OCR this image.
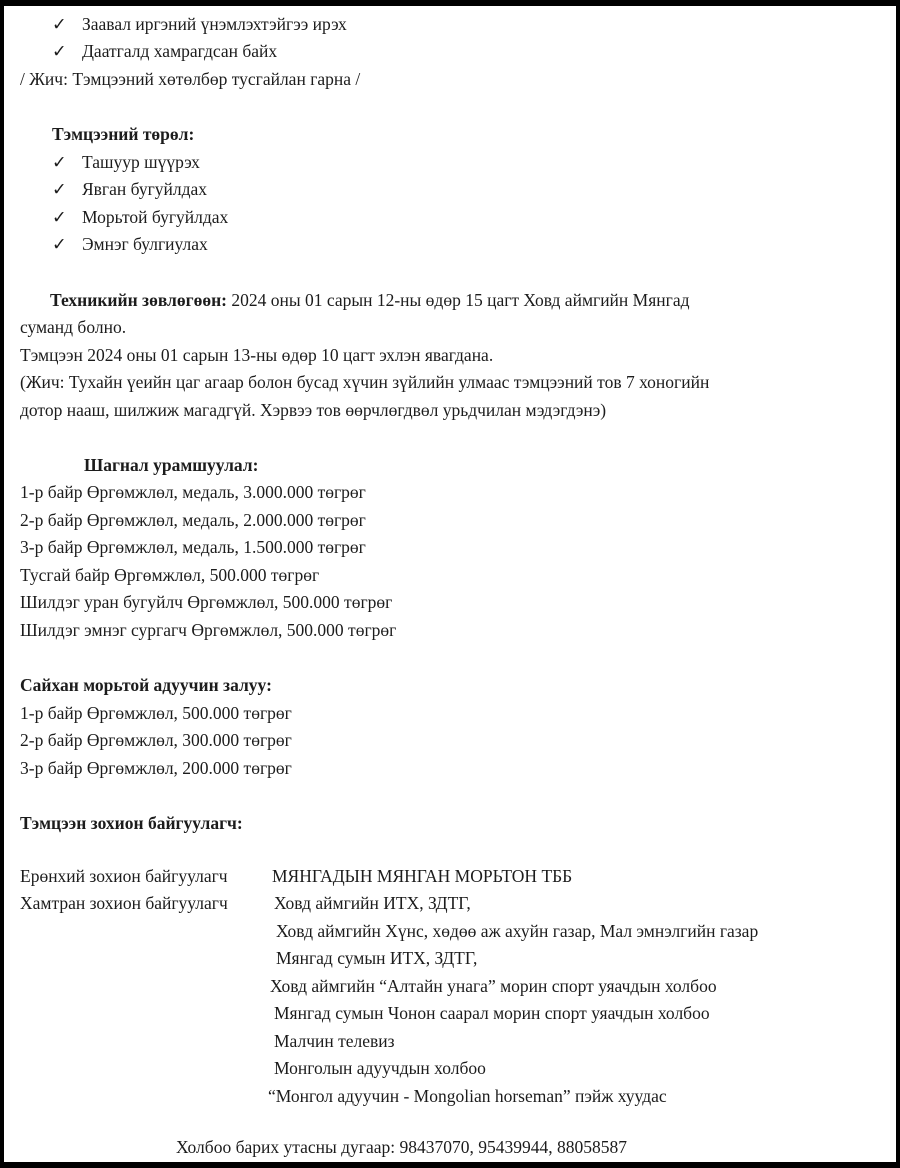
✓ Заавал иргэний үнэмлэхтэйгээ ирэх
✓ Даатгалд хамрагдсан байх
/ Жич: Тэмцээний хөтөлбөр тусгайлан гарна /
Тэмцээний төрөл:
✓ Ташуур шүүрэх
✓ Явган бугуйлдах
✓ Морьтой бугуйлдах
✓ Эмнэг булгиулах
Техникийн зөвлөгөөн: 2024 оны 01 сарын 12-ны өдөр 15 цагт Ховд аймгийн Мянгад
суманд болно.
Тэмцээн 2024 оны 01 сарын 13-ны өдөр 10 цагт эхлэн явагдана.
(Жич: Тухайн үеийн цаг агаар болон бусад хүчин зүйлийн улмаас тэмцээний тов 7 хоногийн
дотор нааш, шилжиж магадгүй. Хэрвээ тов өөрчлөгдвөл урьдчилан мэдэгдэнэ)
Шагнал урамшуулал:
1-р байр Өргөмжлөл, медаль, 3.000.000 төгрөг
2-р байр Өргөмжлөл, медаль, 2.000.000 төгрөг
3-р байр Өргөмжлөл, медаль, 1.500.000 төгрөг
Тусгай байр Өргөмжлөл, 500.000 төгрөг
Шилдэг уран бугуйлч Өргөмжлөл, 500.000 төгрөг
Шилдэг эмнэг сургагч Өргөмжлөл, 500.000 төгрөг
Сайхан морьтой адуучин залуу:
1-р байр Өргөмжлөл, 500.000 төгрөг
2-р байр Өргөмжлөл, 300.000 төгрөг
3-р байр Өргөмжлөл, 200.000 төгрөг
Тэмцээн зохион байгуулагч:
Ерөнхий зохион байгуулагч	МЯНГАДЫН МЯНГАН МОРЬТОН ТББ
Хамтран зохион байгуулагч	Ховд аймгийн ИТХ, ЗДТГ,
Ховд аймгийн Хүнс, хөдөө аж ахуйн газар, Мал эмнэлгийн газар
Мянгад сумын ИТХ, ЗДТГ,
Ховд аймгийн “Алтайн унага” морин спорт уяачдын холбоо
Мянгад сумын Чонон саарал морин спорт уяачдын холбоо
Малчин телевиз
Монголын адуучдын холбоо
“Монгол адуучин - Mongolian horseman” пэйж хуудас
Холбоо барих утасны дугаар: 98437070, 95439944, 88058587
